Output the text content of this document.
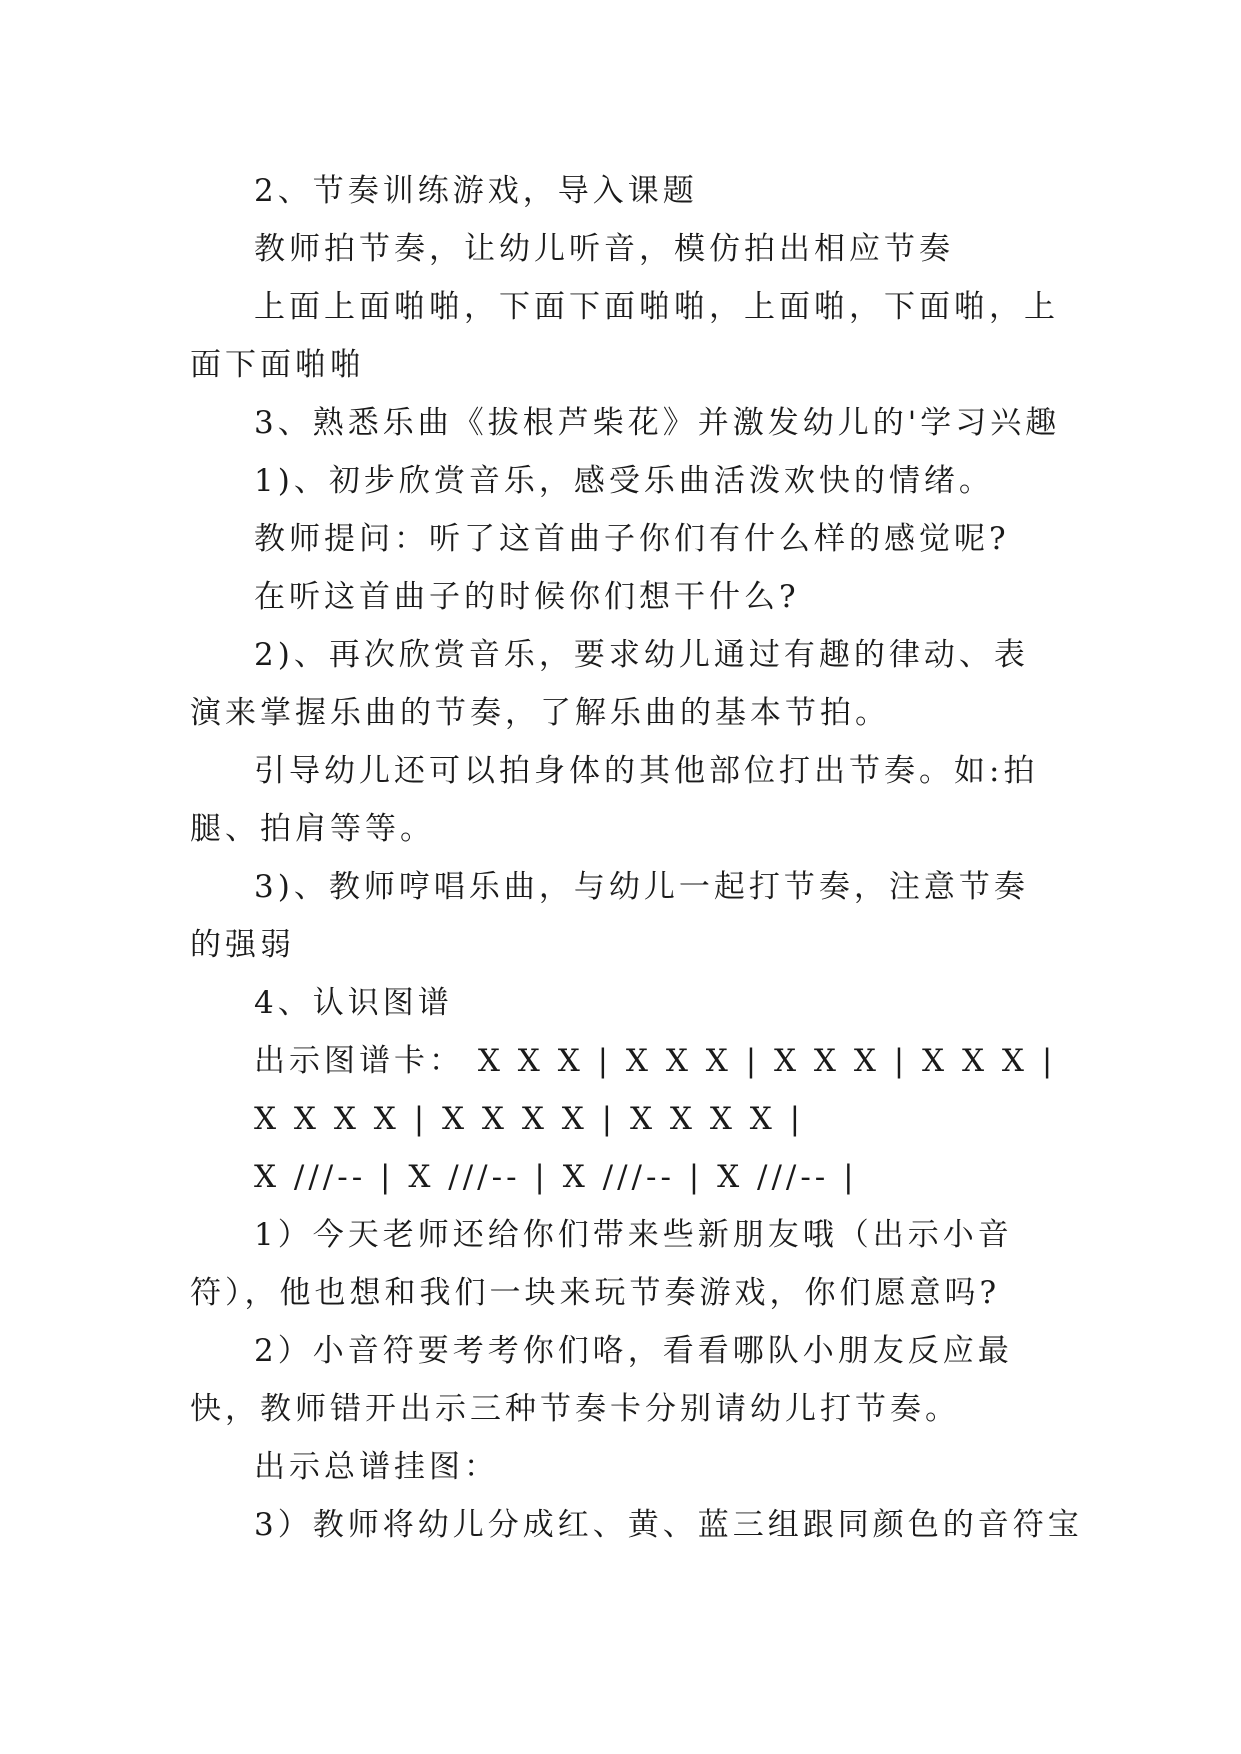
2、节奏训练游戏，导入课题

教师拍节奏，让幼儿听音，模仿拍出相应节奏

上面上面啪啪，下面下面啪啪，上面啪，下面啪，上面下面啪啪

3、熟悉乐曲《拔根芦柴花》并激发幼儿的'学习兴趣

1)、初步欣赏音乐，感受乐曲活泼欢快的情绪。

教师提问：听了这首曲子你们有什么样的感觉呢?

在听这首曲子的时候你们想干什么?

2)、再次欣赏音乐，要求幼儿通过有趣的律动、表演来掌握乐曲的节奏，了解乐曲的基本节拍。

引导幼儿还可以拍身体的其他部位打出节奏。如:拍腿、拍肩等等。

3)、教师哼唱乐曲，与幼儿一起打节奏，注意节奏的强弱

4、认识图谱

出示图谱卡： X X X | X X X | X X X | X X X |

X X X X | X X X X | X X X X |

X ///-- | X ///-- | X ///-- | X ///-- |

1）今天老师还给你们带来些新朋友哦（出示小音符），他也想和我们一块来玩节奏游戏，你们愿意吗?

2）小音符要考考你们咯，看看哪队小朋友反应最快，教师错开出示三种节奏卡分别请幼儿打节奏。

出示总谱挂图：

3）教师将幼儿分成红、黄、蓝三组跟同颜色的音符宝
